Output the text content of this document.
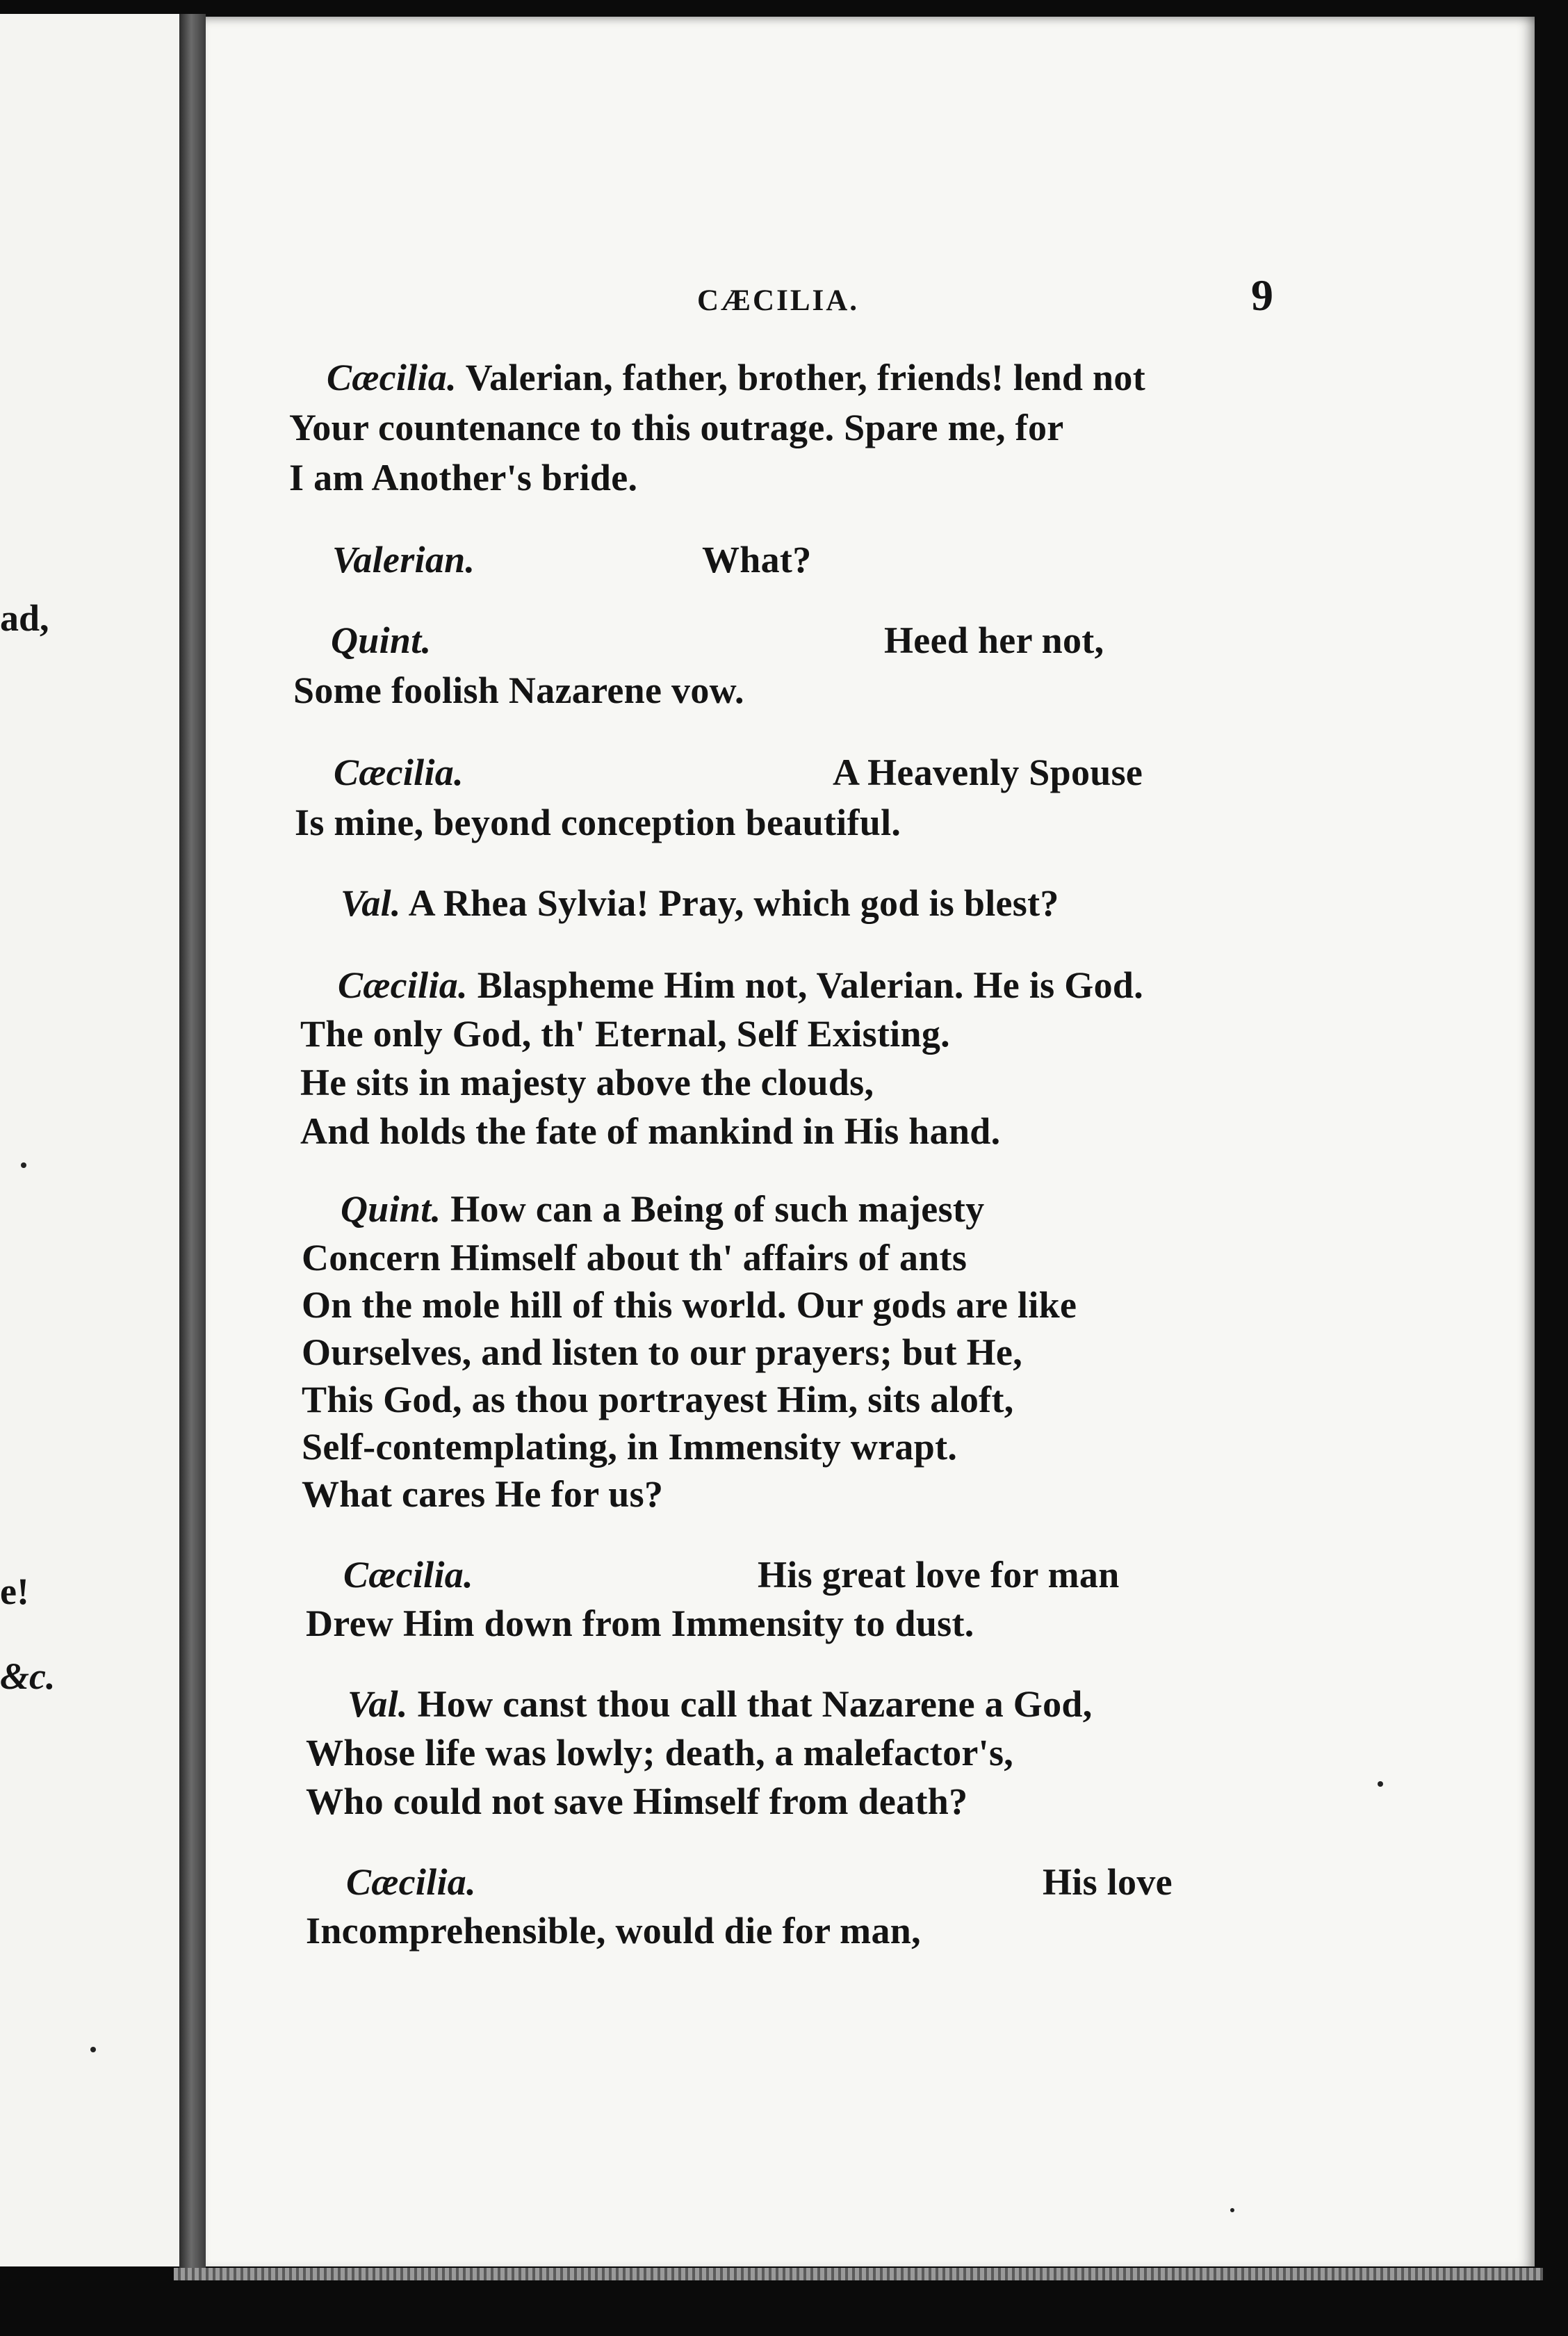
ad,
e!
&c.
CÆCILIA.	9
Cæcilia. Valerian, father, brother, friends! lend not
Your countenance to this outrage. Spare me, for
I am Another's bride.
Valerian.	What?
Quint.	Heed her not,
Some foolish Nazarene vow.
Cæcilia.	A Heavenly Spouse
Is mine, beyond conception beautiful.
Val. A Rhea Sylvia! Pray, which god is blest?
Cæcilia. Blaspheme Him not, Valerian. He is God.
The only God, th' Eternal, Self Existing.
He sits in majesty above the clouds,
And holds the fate of mankind in His hand.
Quint. How can a Being of such majesty
Concern Himself about th' affairs of ants
On the mole hill of this world. Our gods are like
Ourselves, and listen to our prayers; but He,
This God, as thou portrayest Him, sits aloft,
Self-contemplating, in Immensity wrapt.
What cares He for us?
Cæcilia.	His great love for man
Drew Him down from Immensity to dust.
Val. How canst thou call that Nazarene a God,
Whose life was lowly; death, a malefactor's,
Who could not save Himself from death?
Cæcilia.	His love
Incomprehensible, would die for man,
